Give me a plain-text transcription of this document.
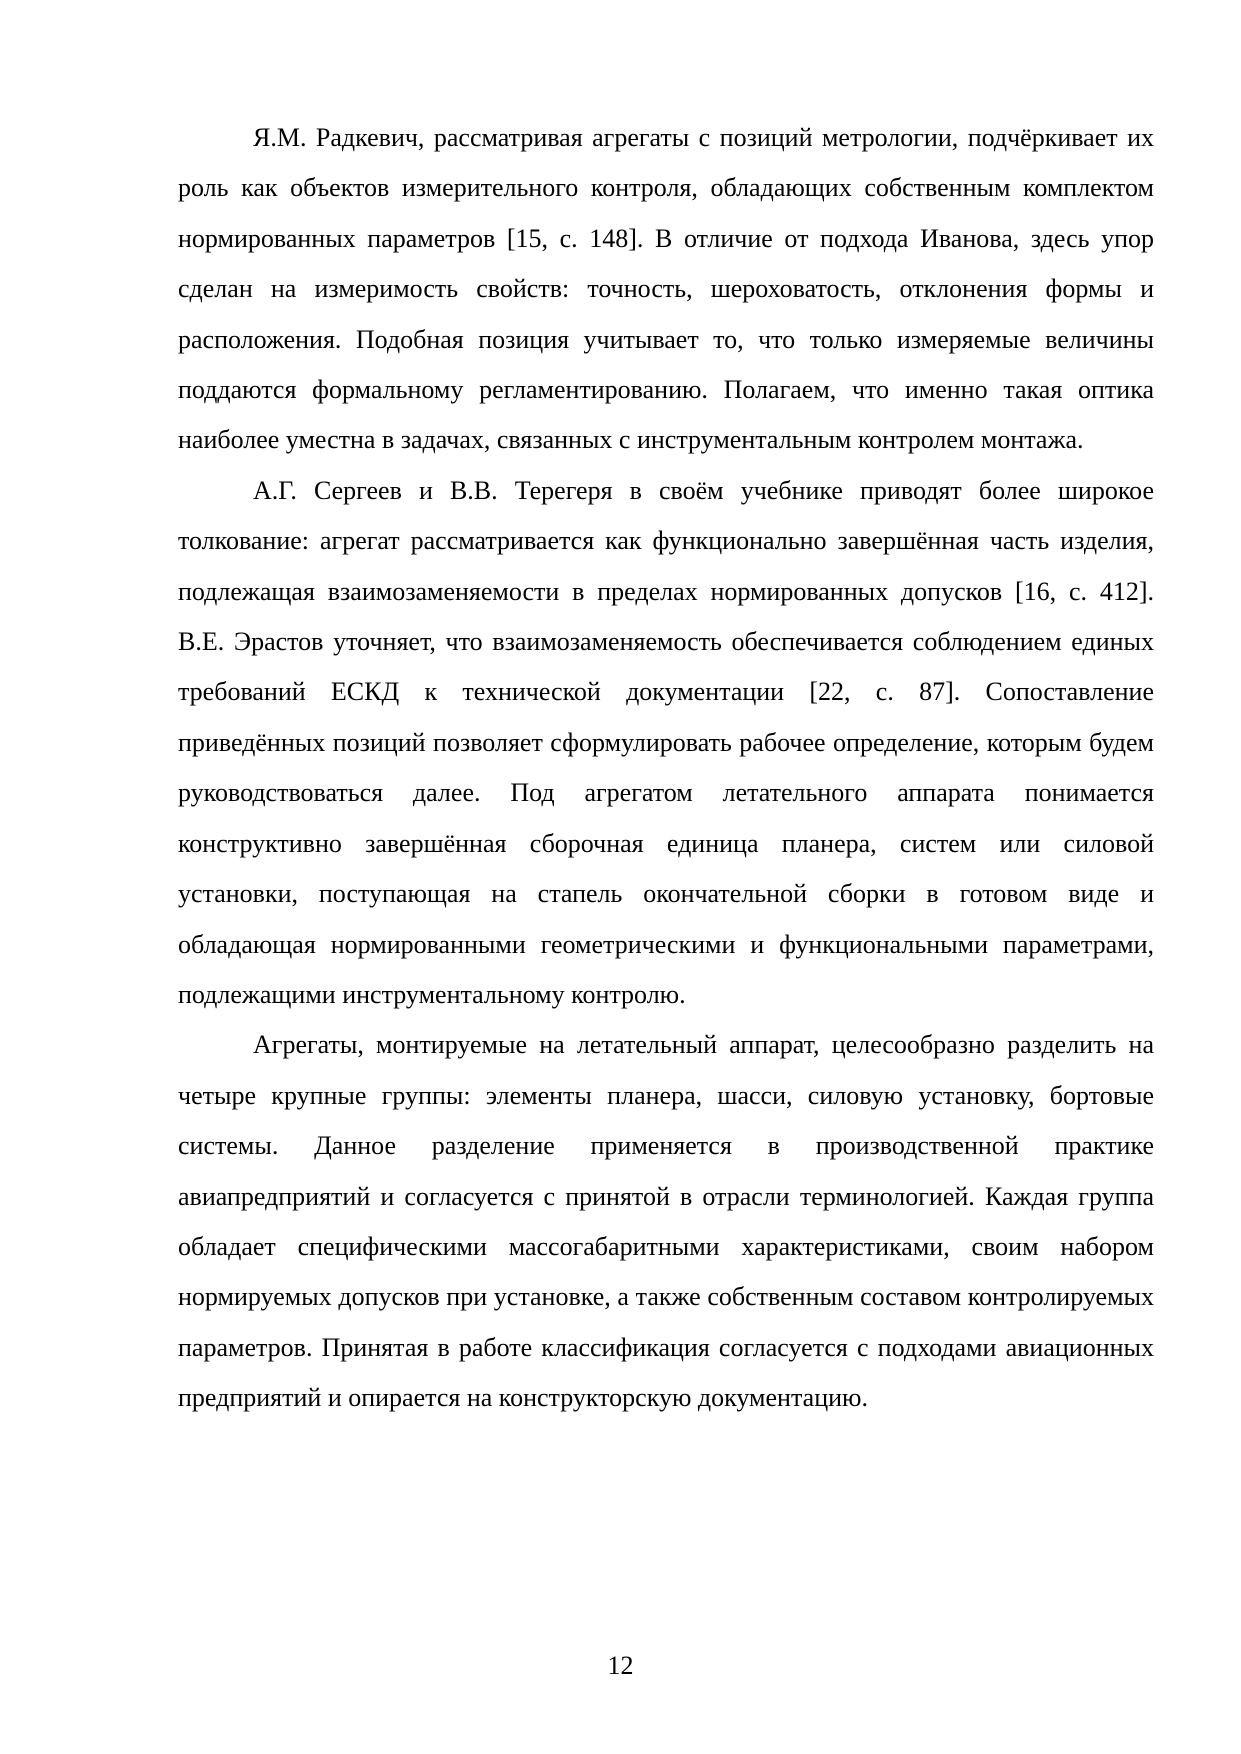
Я.М. Радкевич, рассматривая агрегаты с позиций метрологии, подчёркивает их роль как объектов измерительного контроля, обладающих собственным комплектом нормированных параметров [15, с. 148]. В отличие от подхода Иванова, здесь упор сделан на измеримость свойств: точность, шероховатость, отклонения формы и расположения. Подобная позиция учитывает то, что только измеряемые величины поддаются формальному регламентированию. Полагаем, что именно такая оптика наиболее уместна в задачах, связанных с инструментальным контролем монтажа.

А.Г. Сергеев и В.В. Терегеря в своём учебнике приводят более широкое толкование: агрегат рассматривается как функционально завершённая часть изделия, подлежащая взаимозаменяемости в пределах нормированных допусков [16, с. 412]. В.Е. Эрастов уточняет, что взаимозаменяемость обеспечивается соблюдением единых требований ЕСКД к технической документации [22, с. 87]. Сопоставление приведённых позиций позволяет сформулировать рабочее определение, которым будем руководствоваться далее. Под агрегатом летательного аппарата понимается конструктивно завершённая сборочная единица планера, систем или силовой установки, поступающая на стапель окончательной сборки в готовом виде и обладающая нормированными геометрическими и функциональными параметрами, подлежащими инструментальному контролю.

Агрегаты, монтируемые на летательный аппарат, целесообразно разделить на четыре крупные группы: элементы планера, шасси, силовую установку, бортовые системы. Данное разделение применяется в производственной практике авиапредприятий и согласуется с принятой в отрасли терминологией. Каждая группа обладает специфическими массогабаритными характеристиками, своим набором нормируемых допусков при установке, а также собственным составом контролируемых параметров. Принятая в работе классификация согласуется с подходами авиационных предприятий и опирается на конструкторскую документацию.

12
